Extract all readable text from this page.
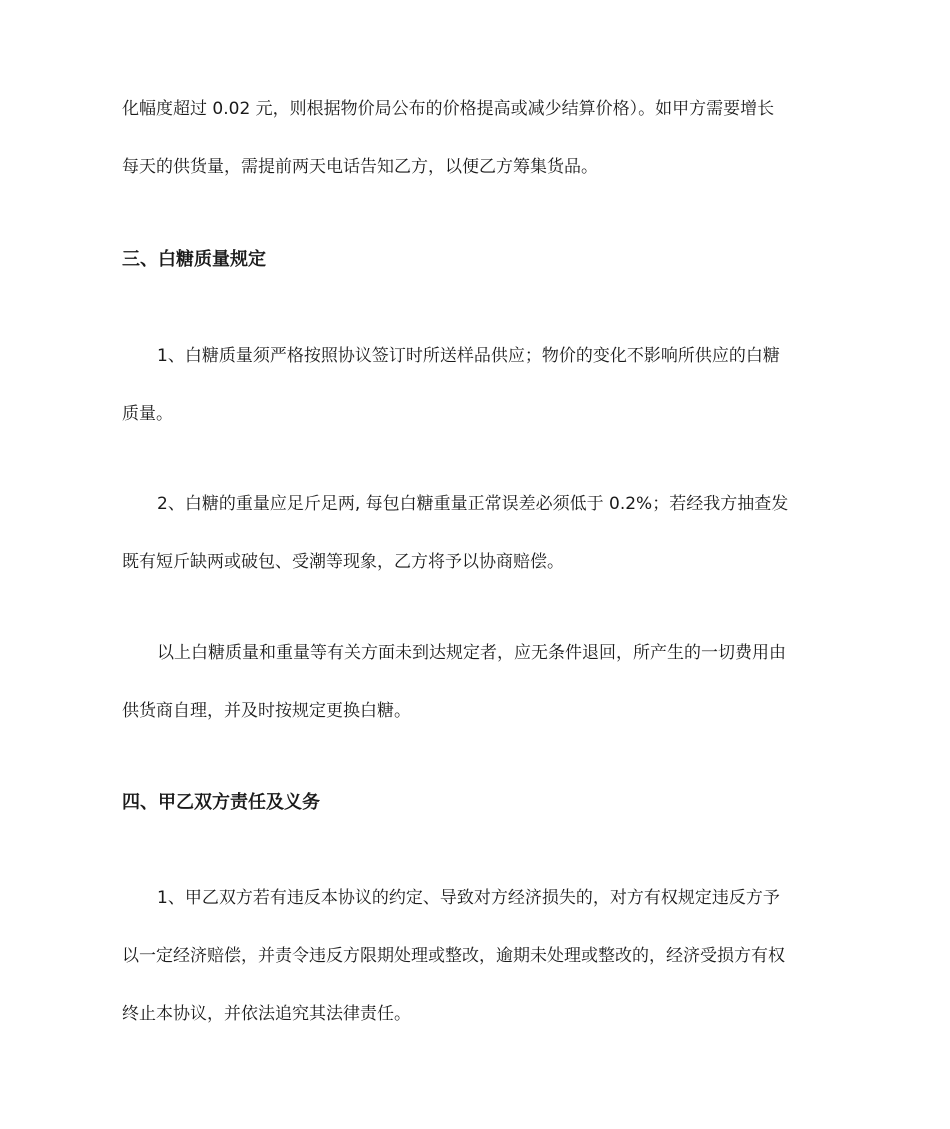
化幅度超过 0.02 元，则根据物价局公布的价格提高或减少结算价格）。如甲方需要增长
每天的供货量，需提前两天电话告知乙方，以便乙方筹集货品。
三、白糖质量规定
1、白糖质量须严格按照协议签订时所送样品供应；物价的变化不影响所供应的白糖
质量。
2、白糖的重量应足斤足两, 每包白糖重量正常误差必须低于 0.2%；若经我方抽查发
既有短斤缺两或破包、受潮等现象，乙方将予以协商赔偿。
以上白糖质量和重量等有关方面未到达规定者，应无条件退回，所产生的一切费用由
供货商自理，并及时按规定更换白糖。
四、甲乙双方责任及义务
1、甲乙双方若有违反本协议的约定、导致对方经济损失的，对方有权规定违反方予
以一定经济赔偿，并责令违反方限期处理或整改，逾期未处理或整改的，经济受损方有权
终止本协议，并依法追究其法律责任。
